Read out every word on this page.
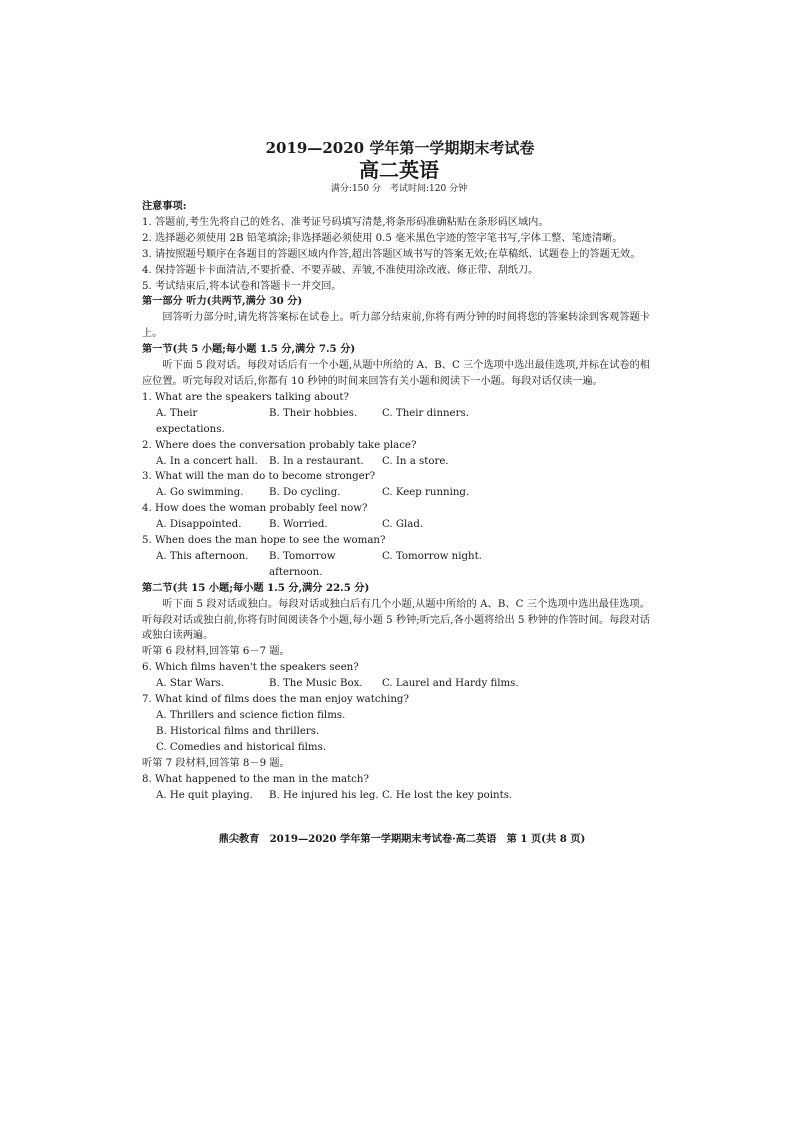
2019—2020 学年第一学期期末考试卷
高二英语
满分:150 分　考试时间:120 分钟
注意事项:
1. 答题前,考生先将自己的姓名、准考证号码填写清楚,将条形码准确粘贴在条形码区域内。
2. 选择题必须使用 2B 铅笔填涂;非选择题必须使用 0.5 毫米黑色字迹的签字笔书写,字体工整、笔迹清晰。
3. 请按照题号顺序在各题目的答题区域内作答,超出答题区域书写的答案无效;在草稿纸、试题卷上的答题无效。
4. 保持答题卡卡面清洁,不要折叠、不要弄破、弄皱,不准使用涂改液、修正带、刮纸刀。
5. 考试结束后,将本试卷和答题卡一并交回。
第一部分 听力(共两节,满分 30 分)
回答听力部分时,请先将答案标在试卷上。听力部分结束前,你将有两分钟的时间将您的答案转涂到客观答题卡上。
第一节(共 5 小题;每小题 1.5 分,满分 7.5 分)
听下面 5 段对话。每段对话后有一个小题,从题中所给的 A、B、C 三个选项中选出最佳选项,并标在试卷的相应位置。听完每段对话后,你都有 10 秒钟的时间来回答有关小题和阅读下一小题。每段对话仅读一遍。
1. What are the speakers talking about?
A. Their expectations.
B. Their hobbies.	C. Their dinners.
2. Where does the conversation probably take place?
A. In a concert hall.	B. In a restaurant.	C. In a store.
3. What will the man do to become stronger?
A. Go swimming.	B. Do cycling.	C. Keep running.
4. How does the woman probably feel now?
A. Disappointed.	B. Worried.	C. Glad.
5. When does the man hope to see the woman?
A. This afternoon.	B. Tomorrow afternoon.
C. Tomorrow night.
第二节(共 15 小题;每小题 1.5 分,满分 22.5 分)
听下面 5 段对话或独白。每段对话或独白后有几个小题,从题中所给的 A、B、C 三个选项中选出最佳选项。听每段对话或独白前,你将有时间阅读各个小题,每小题 5 秒钟;听完后,各小题将给出 5 秒钟的作答时间。每段对话或独白读两遍。
听第 6 段材料,回答第 6－7 题。
6. Which films haven't the speakers seen?
A. Star Wars.	B. The Music Box.	C. Laurel and Hardy films.
7. What kind of films does the man enjoy watching?
A. Thrillers and science fiction films.
B. Historical films and thrillers.
C. Comedies and historical films.
听第 7 段材料,回答第 8－9 题。
8. What happened to the man in the match?
A. He quit playing.	B. He injured his leg. C. He lost the key points.
鼎尖教育　2019—2020 学年第一学期期末考试卷·高二英语　第 1 页(共 8 页)
